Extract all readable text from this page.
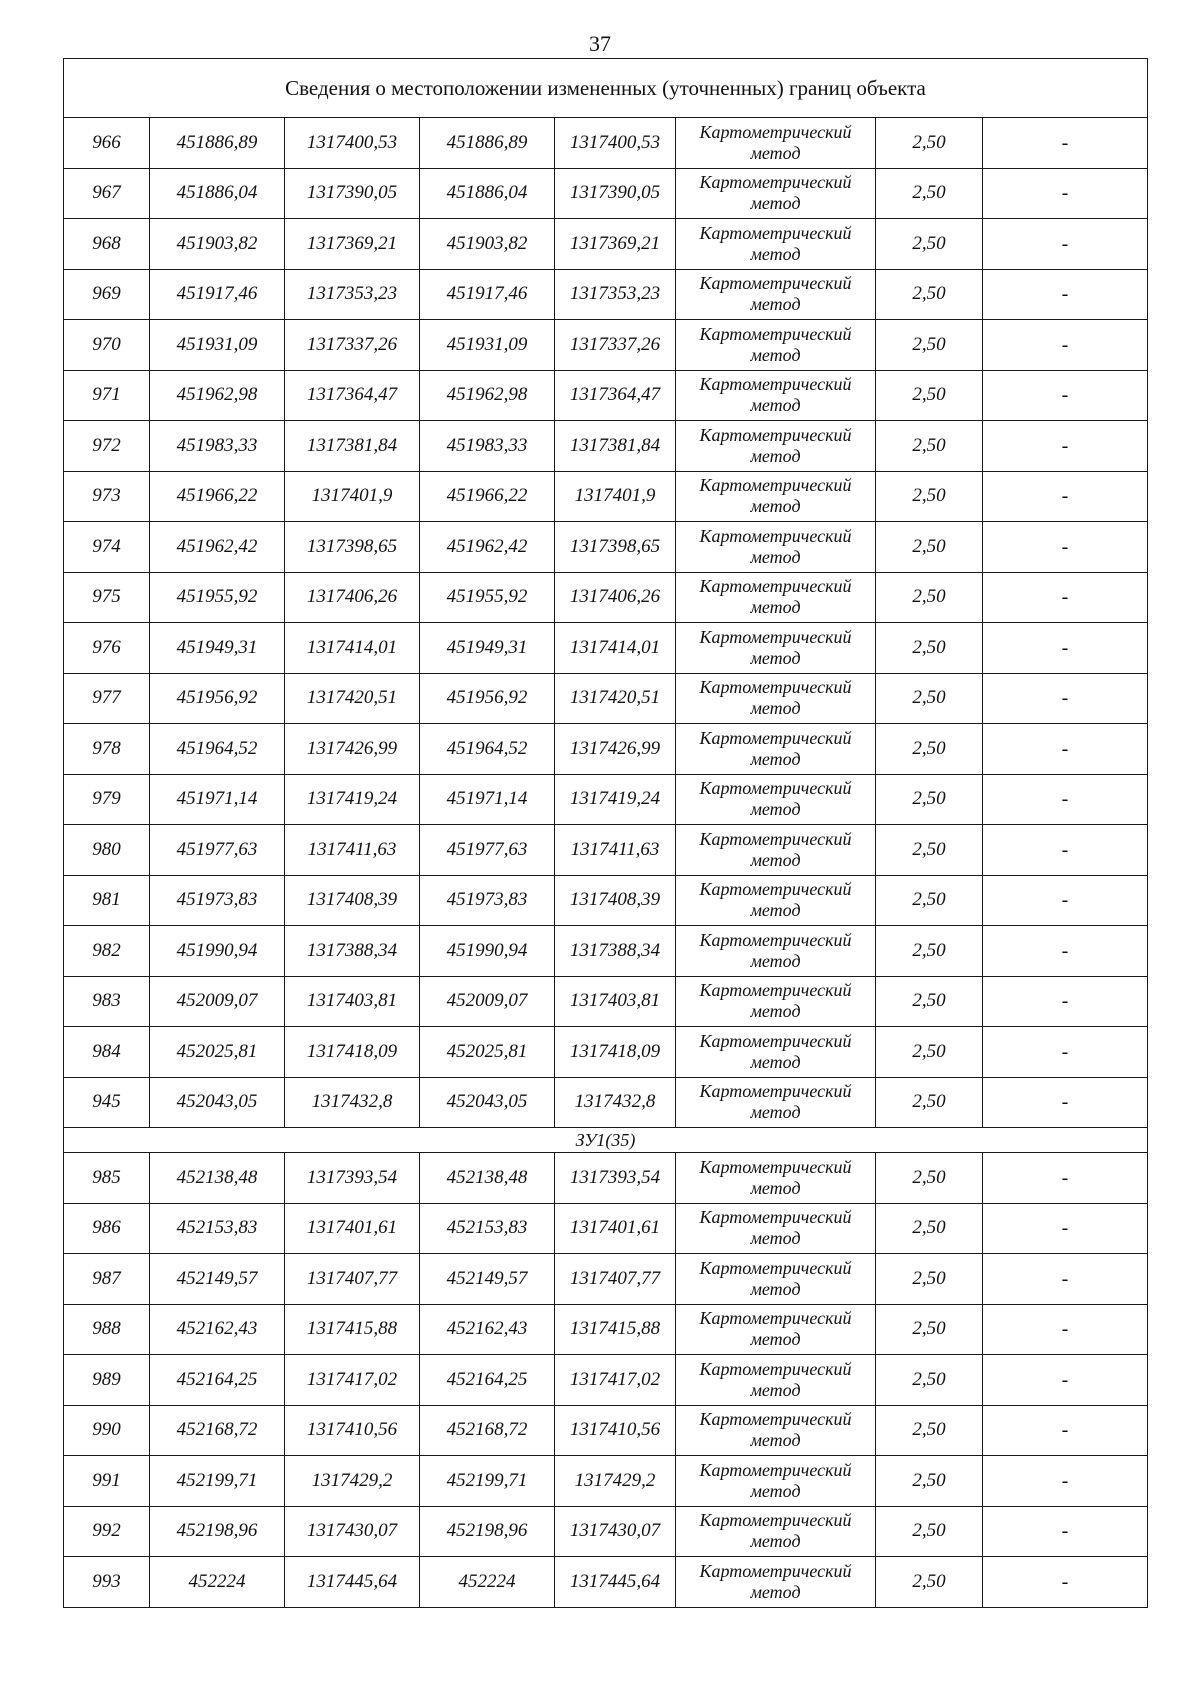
37
Сведения о местоположении измененных (уточненных) границ объекта							
966	451886,89	1317400,53	451886,89	1317400,53	Картометрический метод	2,50	-
967	451886,04	1317390,05	451886,04	1317390,05	Картометрический метод	2,50	-
968	451903,82	1317369,21	451903,82	1317369,21	Картометрический метод	2,50	-
969	451917,46	1317353,23	451917,46	1317353,23	Картометрический метод	2,50	-
970	451931,09	1317337,26	451931,09	1317337,26	Картометрический метод	2,50	-
971	451962,98	1317364,47	451962,98	1317364,47	Картометрический метод	2,50	-
972	451983,33	1317381,84	451983,33	1317381,84	Картометрический метод	2,50	-
973	451966,22	1317401,9	451966,22	1317401,9	Картометрический метод	2,50	-
974	451962,42	1317398,65	451962,42	1317398,65	Картометрический метод	2,50	-
975	451955,92	1317406,26	451955,92	1317406,26	Картометрический метод	2,50	-
976	451949,31	1317414,01	451949,31	1317414,01	Картометрический метод	2,50	-
977	451956,92	1317420,51	451956,92	1317420,51	Картометрический метод	2,50	-
978	451964,52	1317426,99	451964,52	1317426,99	Картометрический метод	2,50	-
979	451971,14	1317419,24	451971,14	1317419,24	Картометрический метод	2,50	-
980	451977,63	1317411,63	451977,63	1317411,63	Картометрический метод	2,50	-
981	451973,83	1317408,39	451973,83	1317408,39	Картометрический метод	2,50	-
982	451990,94	1317388,34	451990,94	1317388,34	Картометрический метод	2,50	-
983	452009,07	1317403,81	452009,07	1317403,81	Картометрический метод	2,50	-
984	452025,81	1317418,09	452025,81	1317418,09	Картометрический метод	2,50	-
945	452043,05	1317432,8	452043,05	1317432,8	Картометрический метод	2,50	-
ЗУ1(35)							
985	452138,48	1317393,54	452138,48	1317393,54	Картометрический метод	2,50	-
986	452153,83	1317401,61	452153,83	1317401,61	Картометрический метод	2,50	-
987	452149,57	1317407,77	452149,57	1317407,77	Картометрический метод	2,50	-
988	452162,43	1317415,88	452162,43	1317415,88	Картометрический метод	2,50	-
989	452164,25	1317417,02	452164,25	1317417,02	Картометрический метод	2,50	-
990	452168,72	1317410,56	452168,72	1317410,56	Картометрический метод	2,50	-
991	452199,71	1317429,2	452199,71	1317429,2	Картометрический метод	2,50	-
992	452198,96	1317430,07	452198,96	1317430,07	Картометрический метод	2,50	-
993	452224	1317445,64	452224	1317445,64	Картометрический метод	2,50	-
